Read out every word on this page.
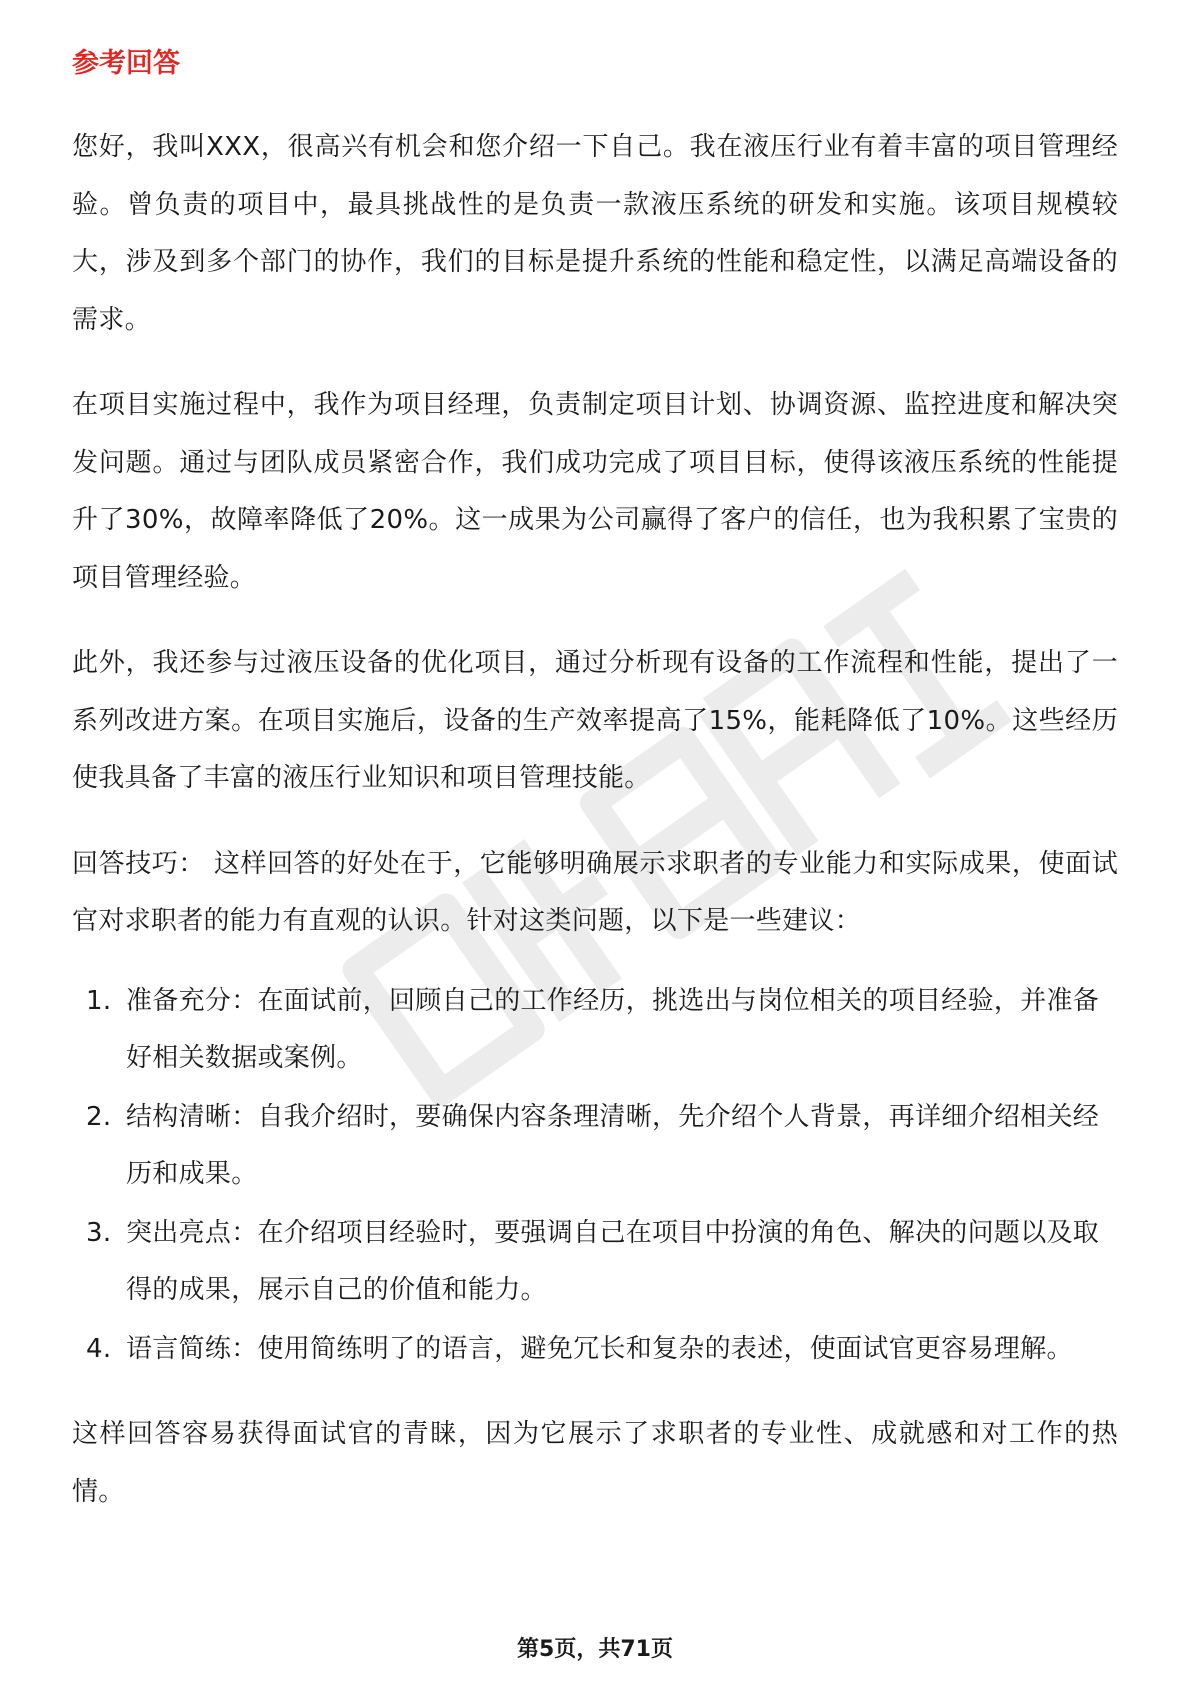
参考回答

您好，我叫XXX，很高兴有机会和您介绍一下自己。我在液压行业有着丰富的项目管理经验。曾负责的项目中，最具挑战性的是负责一款液压系统的研发和实施。该项目规模较大，涉及到多个部门的协作，我们的目标是提升系统的性能和稳定性，以满足高端设备的需求。

在项目实施过程中，我作为项目经理，负责制定项目计划、协调资源、监控进度和解决突发问题。通过与团队成员紧密合作，我们成功完成了项目目标，使得该液压系统的性能提升了30%，故障率降低了20%。这一成果为公司赢得了客户的信任，也为我积累了宝贵的项目管理经验。

此外，我还参与过液压设备的优化项目，通过分析现有设备的工作流程和性能，提出了一系列改进方案。在项目实施后，设备的生产效率提高了15%，能耗降低了10%。这些经历使我具备了丰富的液压行业知识和项目管理技能。

回答技巧： 这样回答的好处在于，它能够明确展示求职者的专业能力和实际成果，使面试官对求职者的能力有直观的认识。针对这类问题，以下是一些建议：

1. 准备充分：在面试前，回顾自己的工作经历，挑选出与岗位相关的项目经验，并准备好相关数据或案例。
2. 结构清晰：自我介绍时，要确保内容条理清晰，先介绍个人背景，再详细介绍相关经历和成果。
3. 突出亮点：在介绍项目经验时，要强调自己在项目中扮演的角色、解决的问题以及取得的成果，展示自己的价值和能力。
4. 语言简练：使用简练明了的语言，避免冗长和复杂的表述，使面试官更容易理解。

这样回答容易获得面试官的青睐，因为它展示了求职者的专业性、成就感和对工作的热情。

第5页，共71页
